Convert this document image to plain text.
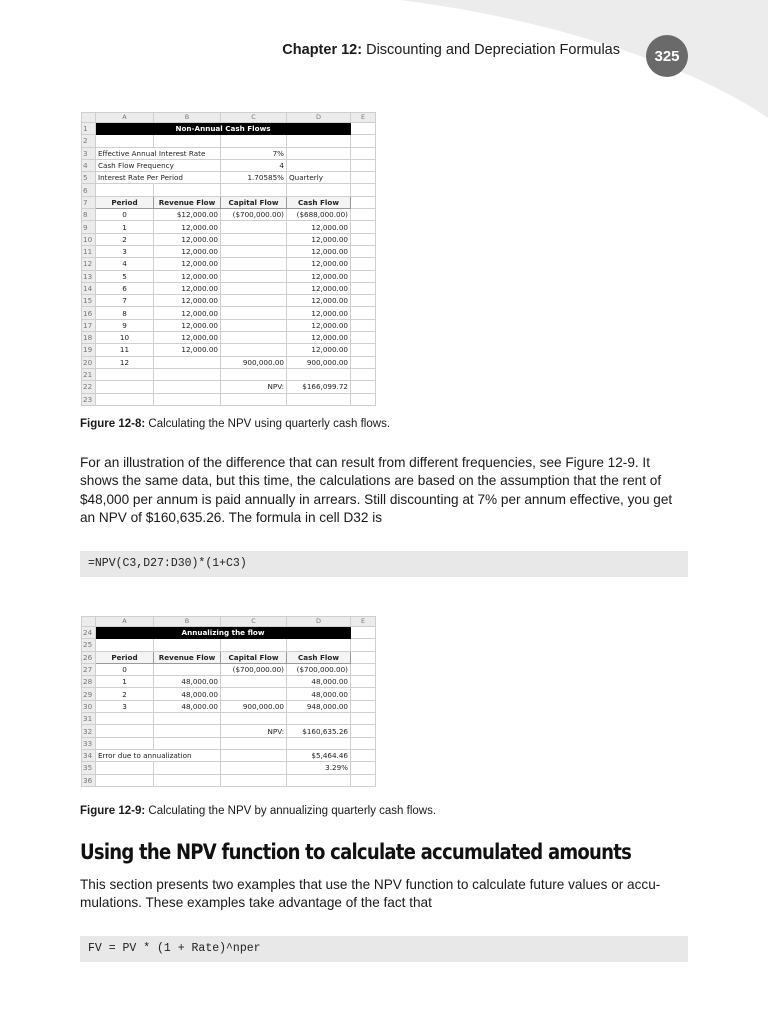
Chapter 12: Discounting and Depreciation Formulas	325
	A	B	C	D	E
1	Non-Annual Cash Flows				
2					
3	Effective Annual Interest Rate		7%		
4	Cash Flow Frequency		4		
5	Interest Rate Per Period		1.70585%	Quarterly	
6					
7	Period	Revenue Flow	Capital Flow	Cash Flow	
8	0	$12,000.00	($700,000.00)	($688,000.00)	
9	1	12,000.00		12,000.00	
10	2	12,000.00		12,000.00	
11	3	12,000.00		12,000.00	
12	4	12,000.00		12,000.00	
13	5	12,000.00		12,000.00	
14	6	12,000.00		12,000.00	
15	7	12,000.00		12,000.00	
16	8	12,000.00		12,000.00	
17	9	12,000.00		12,000.00	
18	10	12,000.00		12,000.00	
19	11	12,000.00		12,000.00	
20	12		900,000.00	900,000.00	
21					
22			NPV:	$166,099.72	
23					
Figure 12-8: Calculating the NPV using quarterly cash flows.
For an illustration of the difference that can result from different frequencies, see Figure 12-9. It shows the same data, but this time, the calculations are based on the assumption that the rent of $48,000 per annum is paid annually in arrears. Still discounting at 7% per annum effective, you get an NPV of $160,635.26. The formula in cell D32 is
=NPV(C3,D27:D30)*(1+C3)
	A	B	C	D	E
24	Annualizing the flow				
25					
26	Period	Revenue Flow	Capital Flow	Cash Flow	
27	0		($700,000.00)	($700,000.00)	
28	1	48,000.00		48,000.00	
29	2	48,000.00		48,000.00	
30	3	48,000.00	900,000.00	948,000.00	
31					
32			NPV:	$160,635.26	
33					
34	Error due to annualization			$5,464.46	
35				3.29%	
36					
Figure 12-9: Calculating the NPV by annualizing quarterly cash flows.
Using the NPV function to calculate accumulated amounts
This section presents two examples that use the NPV function to calculate future values or accu-mulations. These examples take advantage of the fact that
FV = PV * (1 + Rate)^nper
